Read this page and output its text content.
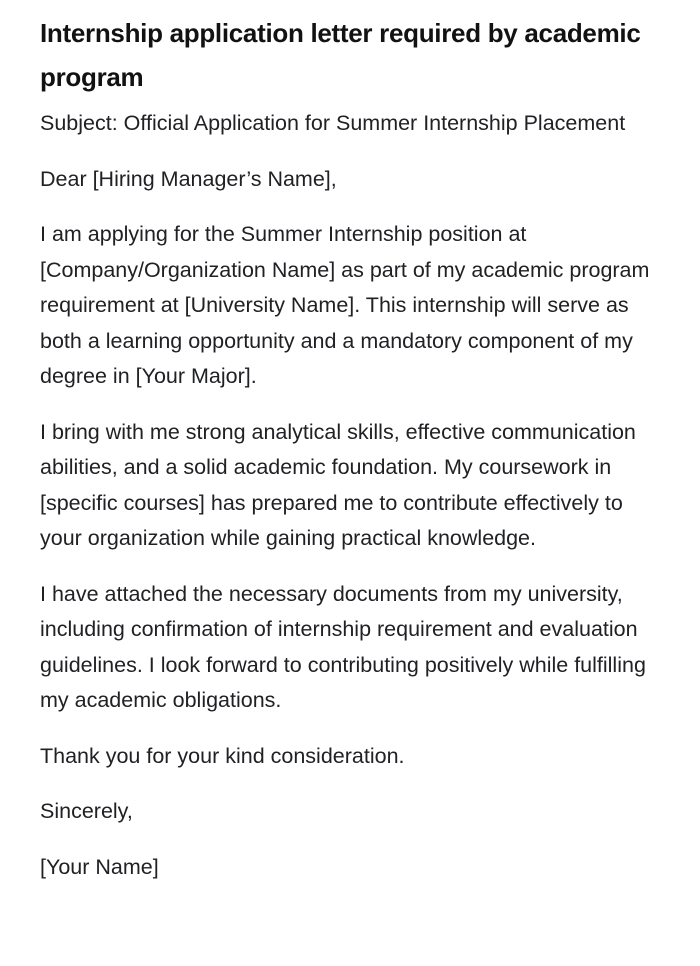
Internship application letter required by academic program

Subject: Official Application for Summer Internship Placement

Dear [Hiring Manager’s Name],

I am applying for the Summer Internship position at [Company/Organization Name] as part of my academic program requirement at [University Name]. This internship will serve as both a learning opportunity and a mandatory component of my degree in [Your Major].

I bring with me strong analytical skills, effective communication abilities, and a solid academic foundation. My coursework in [specific courses] has prepared me to contribute effectively to your organization while gaining practical knowledge.

I have attached the necessary documents from my university, including confirmation of internship requirement and evaluation guidelines. I look forward to contributing positively while fulfilling my academic obligations.

Thank you for your kind consideration.

Sincerely,

[Your Name]
